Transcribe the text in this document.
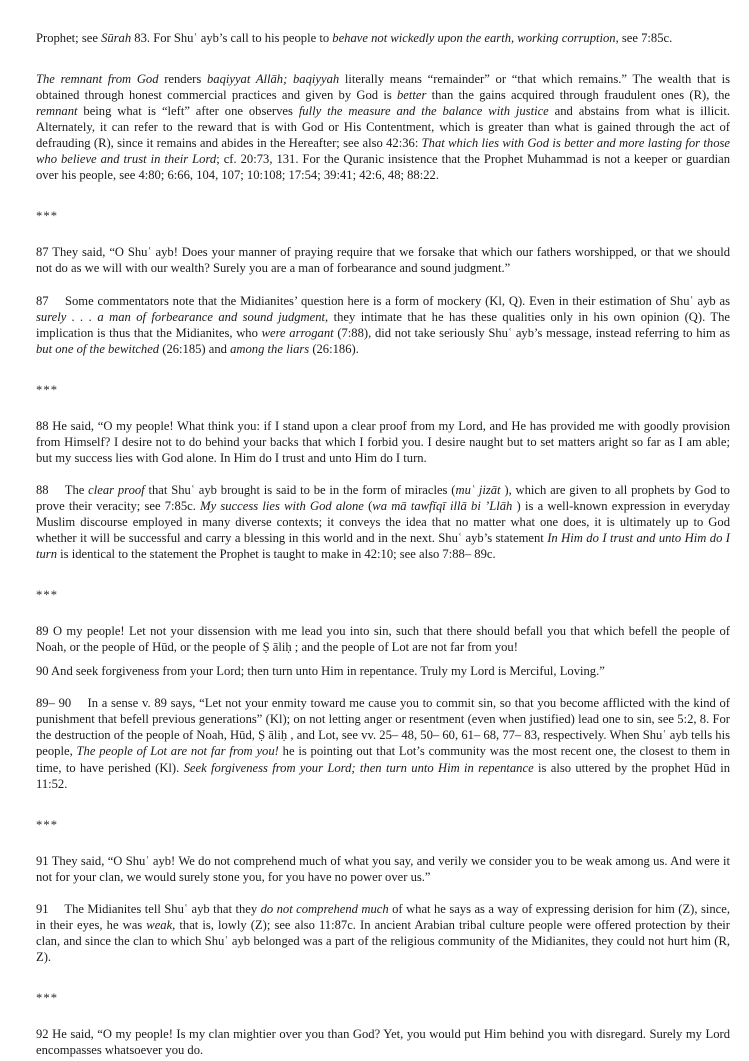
Prophet; see Sūrah 83. For Shuʿ ayb’s call to his people to behave not wickedly upon the earth, working corruption, see 7:85c.

The remnant from God renders baqiyyat Allāh; baqiyyah literally means “remainder” or “that which remains.” The wealth that is obtained through honest commercial practices and given by God is better than the gains acquired through fraudulent ones (R), the remnant being what is “left” after one observes fully the measure and the balance with justice and abstains from what is illicit. Alternately, it can refer to the reward that is with God or His Contentment, which is greater than what is gained through the act of defrauding (R), since it remains and abides in the Hereafter; see also 42:36: That which lies with God is better and more lasting for those who believe and trust in their Lord; cf. 20:73, 131. For the Quranic insistence that the Prophet Muhammad is not a keeper or guardian over his people, see 4:80; 6:66, 104, 107; 10:108; 17:54; 39:41; 42:6, 48; 88:22.

***

87 They said, “O Shuʿ ayb! Does your manner of praying require that we forsake that which our fathers worshipped, or that we should not do as we will with our wealth? Surely you are a man of forbearance and sound judgment.”

87  Some commentators note that the Midianites’ question here is a form of mockery (Kl, Q). Even in their estimation of Shuʿ ayb as surely . . . a man of forbearance and sound judgment, they intimate that he has these qualities only in his own opinion (Q). The implication is thus that the Midianites, who were arrogant (7:88), did not take seriously Shuʿ ayb’s message, instead referring to him as but one of the bewitched (26:185) and among the liars (26:186).

***

88 He said, “O my people! What think you: if I stand upon a clear proof from my Lord, and He has provided me with goodly provision from Himself? I desire not to do behind your backs that which I forbid you. I desire naught but to set matters aright so far as I am able; but my success lies with God alone. In Him do I trust and unto Him do I turn.

88  The clear proof that Shuʿ ayb brought is said to be in the form of miracles (muʿ jizāt ), which are given to all prophets by God to prove their veracity; see 7:85c. My success lies with God alone (wa mā tawfīqī illā bi ’Llāh ) is a well-known expression in everyday Muslim discourse employed in many diverse contexts; it conveys the idea that no matter what one does, it is ultimately up to God whether it will be successful and carry a blessing in this world and in the next. Shuʿ ayb’s statement In Him do I trust and unto Him do I turn is identical to the statement the Prophet is taught to make in 42:10; see also 7:88– 89c.

***

89 O my people! Let not your dissension with me lead you into sin, such that there should befall you that which befell the people of Noah, or the people of Hūd, or the people of Ṣ āliḥ ; and the people of Lot are not far from you!

90 And seek forgiveness from your Lord; then turn unto Him in repentance. Truly my Lord is Merciful, Loving.”

89– 90  In a sense v. 89 says, “Let not your enmity toward me cause you to commit sin, so that you become afflicted with the kind of punishment that befell previous generations” (Kl); on not letting anger or resentment (even when justified) lead one to sin, see 5:2, 8. For the destruction of the people of Noah, Hūd, Ṣ āliḥ , and Lot, see vv. 25– 48, 50– 60, 61– 68, 77– 83, respectively. When Shuʿ ayb tells his people, The people of Lot are not far from you! he is pointing out that Lot’s community was the most recent one, the closest to them in time, to have perished (Kl). Seek forgiveness from your Lord; then turn unto Him in repentance is also uttered by the prophet Hūd in 11:52.

***

91 They said, “O Shuʿ ayb! We do not comprehend much of what you say, and verily we consider you to be weak among us. And were it not for your clan, we would surely stone you, for you have no power over us.”

91  The Midianites tell Shuʿ ayb that they do not comprehend much of what he says as a way of expressing derision for him (Z), since, in their eyes, he was weak, that is, lowly (Z); see also 11:87c. In ancient Arabian tribal culture people were offered protection by their clan, and since the clan to which Shuʿ ayb belonged was a part of the religious community of the Midianites, they could not hurt him (R, Z).

***

92 He said, “O my people! Is my clan mightier over you than God? Yet, you would put Him behind you with disregard. Surely my Lord encompasses whatsoever you do.
